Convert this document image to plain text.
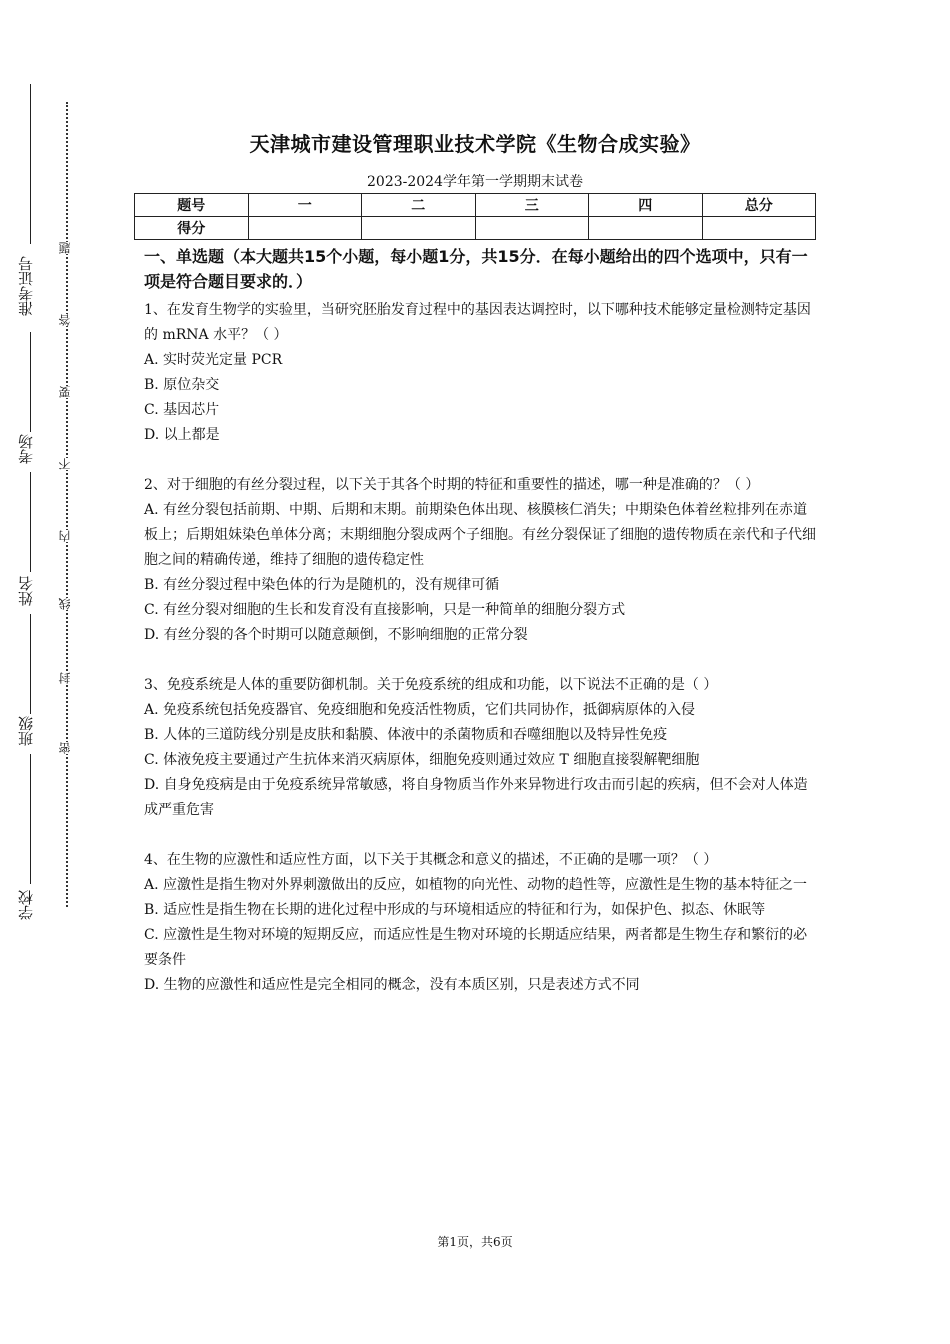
准考证号
考场
姓名
班级
学校
密
封
线
内
不
要
答
题
天津城市建设管理职业技术学院《生物合成实验》
2023-2024学年第一学期期末试卷
题号	一	二	三	四	总分
得分					
一、单选题（本大题共15个小题，每小题1分，共15分．在每小题给出的四个选项中，只有一项是符合题目要求的．）

1、在发育生物学的实验里，当研究胚胎发育过程中的基因表达调控时，以下哪种技术能够定量检测特定基因的 mRNA 水平？（ ）

A. 实时荧光定量 PCR

B. 原位杂交

C. 基因芯片

D. 以上都是

2、对于细胞的有丝分裂过程，以下关于其各个时期的特征和重要性的描述，哪一种是准确的？（ ）

A. 有丝分裂包括前期、中期、后期和末期。前期染色体出现、核膜核仁消失；中期染色体着丝粒排列在赤道板上；后期姐妹染色单体分离；末期细胞分裂成两个子细胞。有丝分裂保证了细胞的遗传物质在亲代和子代细胞之间的精确传递，维持了细胞的遗传稳定性

B. 有丝分裂过程中染色体的行为是随机的，没有规律可循

C. 有丝分裂对细胞的生长和发育没有直接影响，只是一种简单的细胞分裂方式

D. 有丝分裂的各个时期可以随意颠倒，不影响细胞的正常分裂

3、免疫系统是人体的重要防御机制。关于免疫系统的组成和功能，以下说法不正确的是（ ）

A. 免疫系统包括免疫器官、免疫细胞和免疫活性物质，它们共同协作，抵御病原体的入侵

B. 人体的三道防线分别是皮肤和黏膜、体液中的杀菌物质和吞噬细胞以及特异性免疫

C. 体液免疫主要通过产生抗体来消灭病原体，细胞免疫则通过效应 T 细胞直接裂解靶细胞

D. 自身免疫病是由于免疫系统异常敏感，将自身物质当作外来异物进行攻击而引起的疾病，但不会对人体造成严重危害

4、在生物的应激性和适应性方面，以下关于其概念和意义的描述，不正确的是哪一项？（ ）

A. 应激性是指生物对外界刺激做出的反应，如植物的向光性、动物的趋性等，应激性是生物的基本特征之一

B. 适应性是指生物在长期的进化过程中形成的与环境相适应的特征和行为，如保护色、拟态、休眠等

C. 应激性是生物对环境的短期反应，而适应性是生物对环境的长期适应结果，两者都是生物生存和繁衍的必要条件

D. 生物的应激性和适应性是完全相同的概念，没有本质区别，只是表述方式不同

第1页，共6页
